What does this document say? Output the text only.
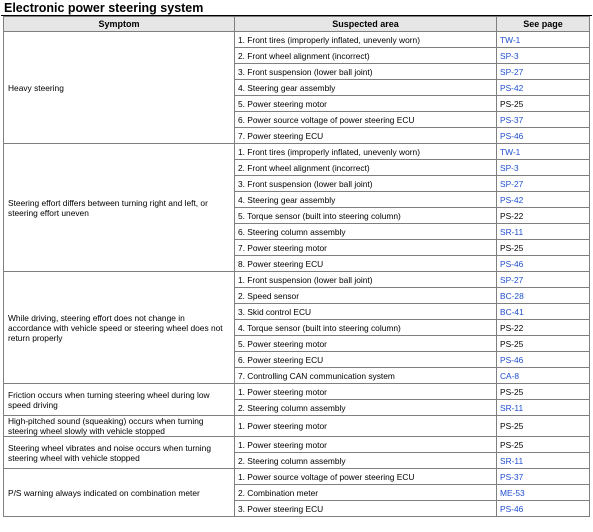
Electronic power steering system
Symptom	Suspected area	See page
Heavy steering	1. Front tires (improperly inflated, unevenly worn)	TW-1
	2. Front wheel alignment (incorrect)	SP-3
	3. Front suspension (lower ball joint)	SP-27
	4. Steering gear assembly	PS-42
	5. Power steering motor	PS-25
	6. Power source voltage of power steering ECU	PS-37
	7. Power steering ECU	PS-46
Steering effort differs between turning right and left, or steering effort uneven	1. Front tires (improperly inflated, unevenly worn)	TW-1
	2. Front wheel alignment (incorrect)	SP-3
	3. Front suspension (lower ball joint)	SP-27
	4. Steering gear assembly	PS-42
	5. Torque sensor (built into steering column)	PS-22
	6. Steering column assembly	SR-11
	7. Power steering motor	PS-25
	8. Power steering ECU	PS-46
While driving, steering effort does not change in accordance with vehicle speed or steering wheel does not return properly	1. Front suspension (lower ball joint)	SP-27
	2. Speed sensor	BC-28
	3. Skid control ECU	BC-41
	4. Torque sensor (built into steering column)	PS-22
	5. Power steering motor	PS-25
	6. Power steering ECU	PS-46
	7. Controlling CAN communication system	CA-8
Friction occurs when turning steering wheel during low speed driving	1. Power steering motor	PS-25
	2. Steering column assembly	SR-11
High-pitched sound (squeaking) occurs when turning steering wheel slowly with vehicle stopped	1. Power steering motor	PS-25
Steering wheel vibrates and noise occurs when turning steering wheel with vehicle stopped	1. Power steering motor	PS-25
	2. Steering column assembly	SR-11
P/S warning always indicated on combination meter	1. Power source voltage of power steering ECU	PS-37
	2. Combination meter	ME-53
	3. Power steering ECU	PS-46
